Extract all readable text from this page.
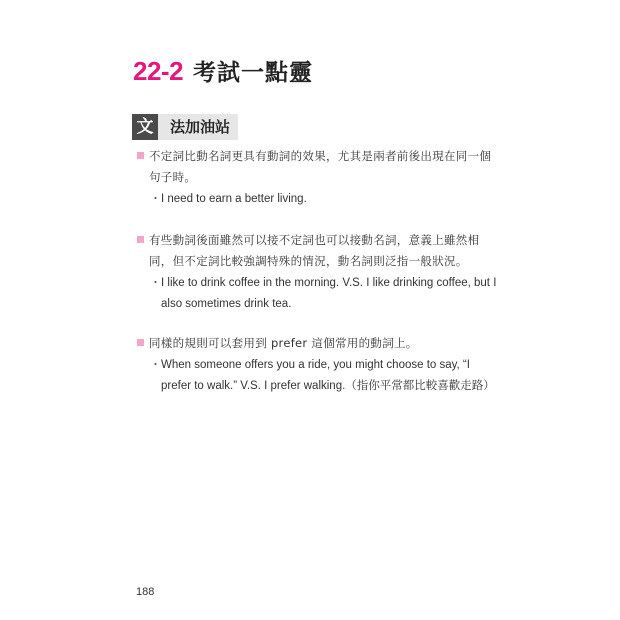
22-2 考試一點靈
文	法加油站
不定詞比動名詞更具有動詞的效果，尤其是兩者前後出現在同一個句子時。
・ I need to earn a better living.
有些動詞後面雖然可以接不定詞也可以接動名詞，意義上雖然相同，但不定詞比較強調特殊的情況，動名詞則泛指一般狀況。
・ I like to drink coffee in the morning. V.S. I like drinking coffee, but I also sometimes drink tea.
同樣的規則可以套用到 prefer 這個常用的動詞上。
・ When someone offers you a ride, you might choose to say, “I prefer to walk.” V.S. I prefer walking.（指你平常都比較喜歡走路）
188
